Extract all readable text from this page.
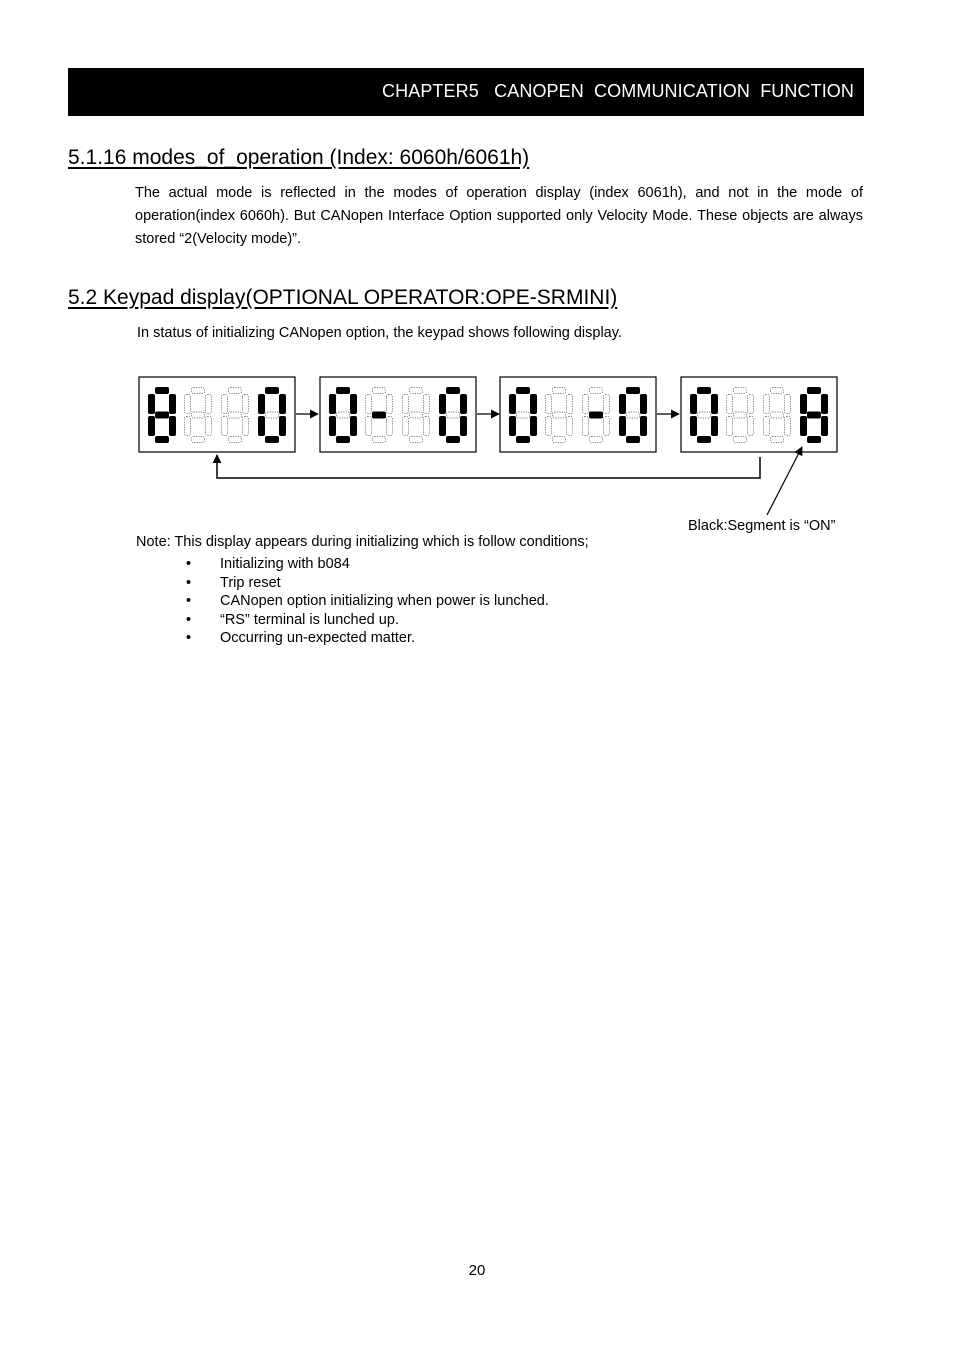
CHAPTER5   CANOPEN  COMMUNICATION  FUNCTION
5.1.16 modes_of_operation (Index: 6060h/6061h)
The actual mode is reflected in the modes of operation display (index 6061h), and not in the mode of operation(index 6060h). But CANopen Interface Option supported only Velocity Mode. These objects are always stored “2(Velocity mode)”.
5.2 Keypad display(OPTIONAL OPERATOR:OPE-SRMINI)
In status of initializing CANopen option, the keypad shows following display.
Black:Segment is “ON”
Note: This display appears during initializing which is follow conditions;
• Initializing with b084
• Trip reset
• CANopen option initializing when power is lunched.
• “RS” terminal is lunched up.
• Occurring un-expected matter.
20
